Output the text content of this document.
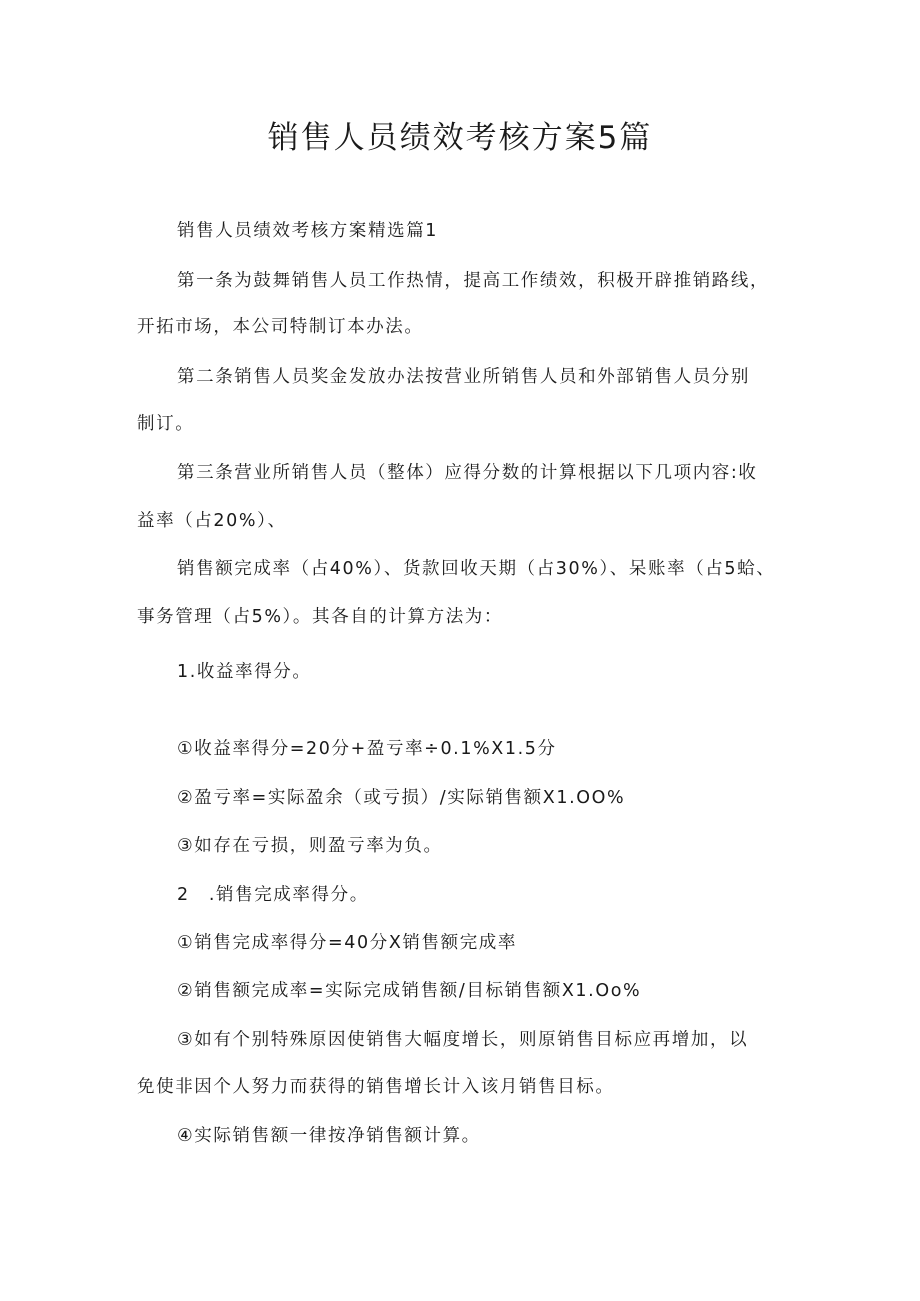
销售人员绩效考核方案5篇
销售人员绩效考核方案精选篇1
第一条为鼓舞销售人员工作热情，提高工作绩效，积极开辟推销路线，
开拓市场，本公司特制订本办法。
第二条销售人员奖金发放办法按营业所销售人员和外部销售人员分别
制订。
第三条营业所销售人员（整体）应得分数的计算根据以下几项内容:收
益率（占20%）、
销售额完成率（占40%）、货款回收天期（占30%）、呆账率（占5蛤、
事务管理（占5%）。其各自的计算方法为：
1.收益率得分。
①收益率得分=20分+盈亏率÷0.1%X1.5分
②盈亏率=实际盈余（或亏损）/实际销售额X1.OO%
③如存在亏损，则盈亏率为负。
2　.销售完成率得分。
①销售完成率得分=40分X销售额完成率
②销售额完成率=实际完成销售额/目标销售额X1.Oo%
③如有个别特殊原因使销售大幅度增长，则原销售目标应再增加，以
免使非因个人努力而获得的销售增长计入该月销售目标。
④实际销售额一律按净销售额计算。
